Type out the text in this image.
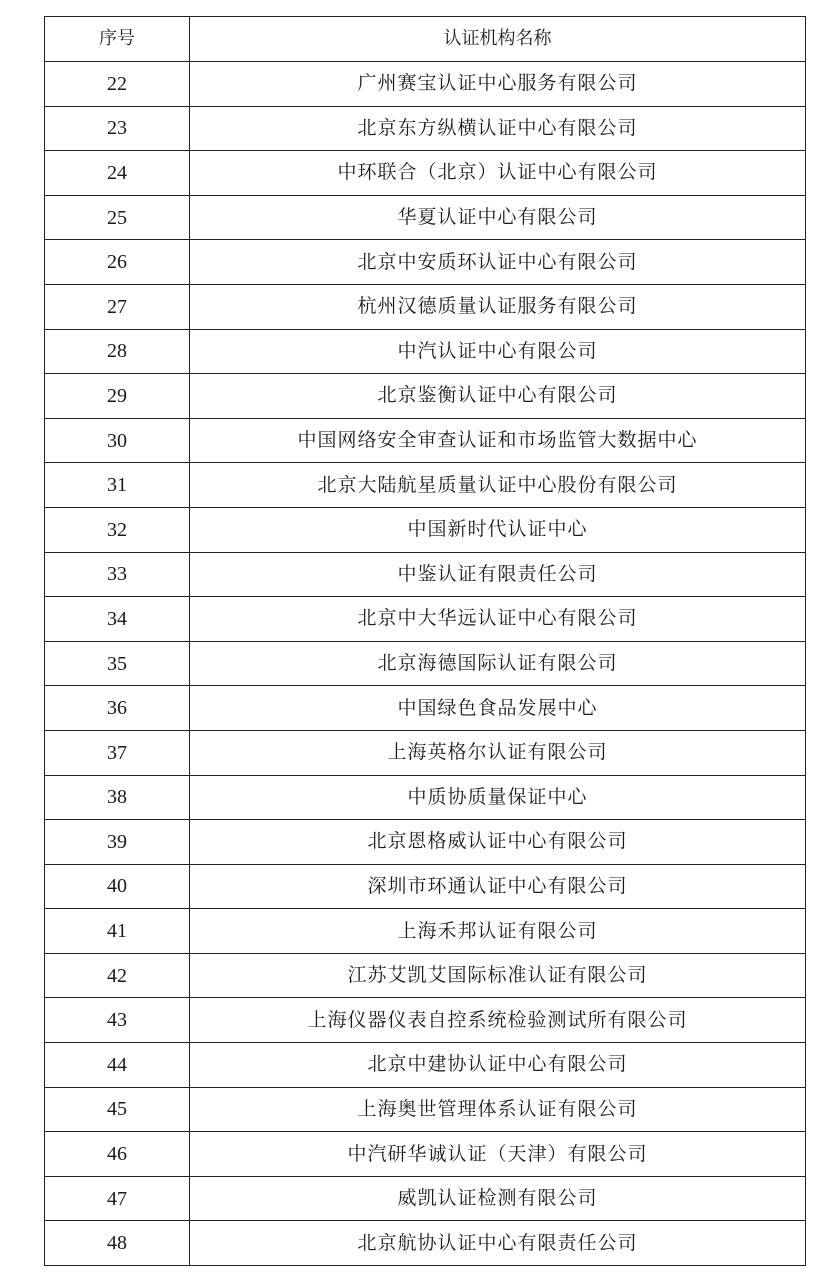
序号	认证机构名称
22	广州赛宝认证中心服务有限公司
23	北京东方纵横认证中心有限公司
24	中环联合（北京）认证中心有限公司
25	华夏认证中心有限公司
26	北京中安质环认证中心有限公司
27	杭州汉德质量认证服务有限公司
28	中汽认证中心有限公司
29	北京鉴衡认证中心有限公司
30	中国网络安全审查认证和市场监管大数据中心
31	北京大陆航星质量认证中心股份有限公司
32	中国新时代认证中心
33	中鉴认证有限责任公司
34	北京中大华远认证中心有限公司
35	北京海德国际认证有限公司
36	中国绿色食品发展中心
37	上海英格尔认证有限公司
38	中质协质量保证中心
39	北京恩格威认证中心有限公司
40	深圳市环通认证中心有限公司
41	上海禾邦认证有限公司
42	江苏艾凯艾国际标准认证有限公司
43	上海仪器仪表自控系统检验测试所有限公司
44	北京中建协认证中心有限公司
45	上海奥世管理体系认证有限公司
46	中汽研华诚认证（天津）有限公司
47	威凯认证检测有限公司
48	北京航协认证中心有限责任公司
